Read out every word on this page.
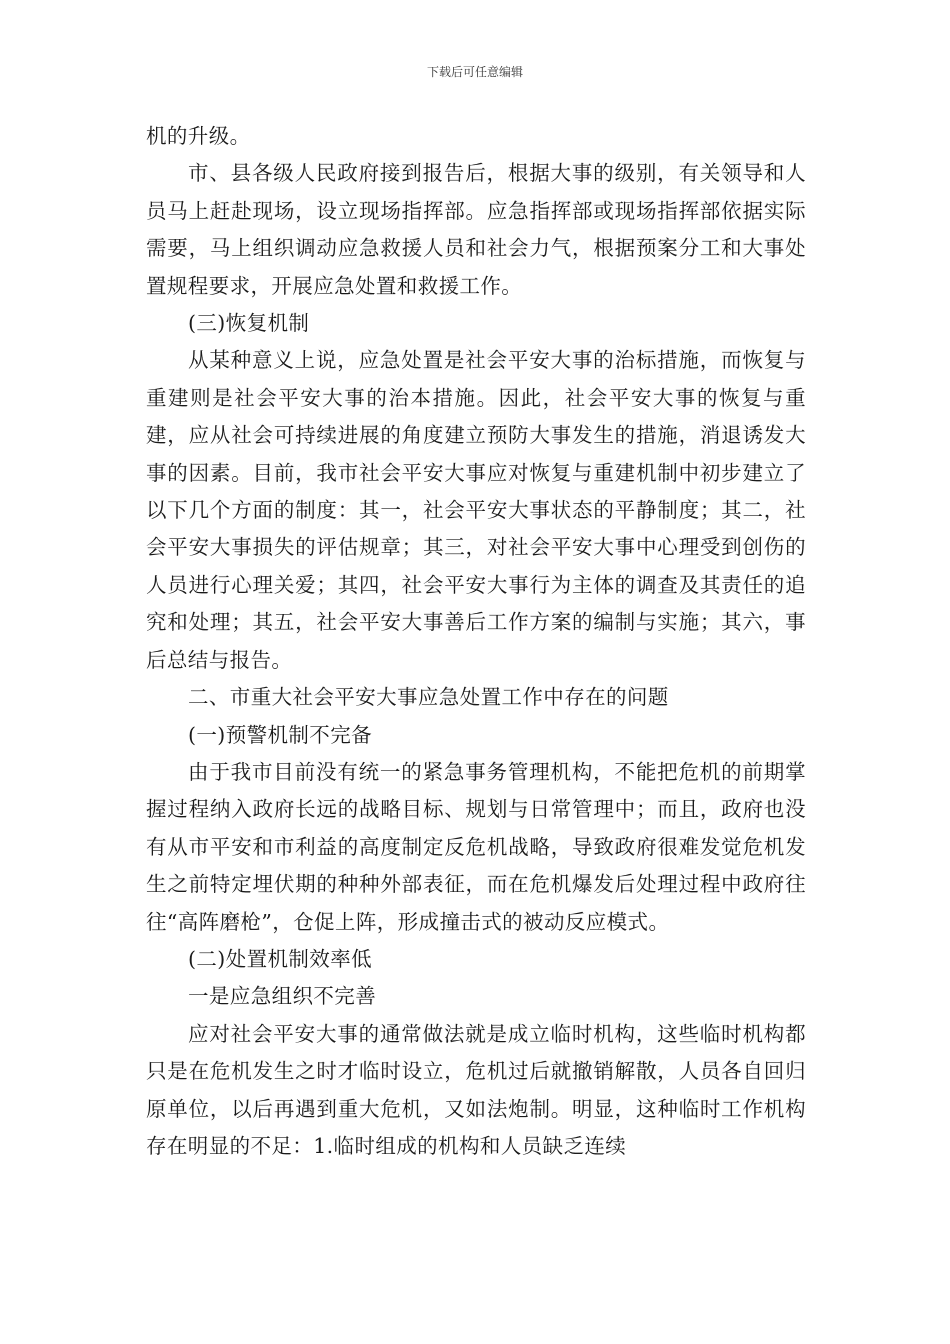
下载后可任意编辑

机的升级。

市、县各级人民政府接到报告后，根据大事的级别，有关领导和人员马上赶赴现场，设立现场指挥部。应急指挥部或现场指挥部依据实际需要，马上组织调动应急救援人员和社会力气，根据预案分工和大事处置规程要求，开展应急处置和救援工作。

(三)恢复机制

从某种意义上说，应急处置是社会平安大事的治标措施，而恢复与重建则是社会平安大事的治本措施。因此，社会平安大事的恢复与重建，应从社会可持续进展的角度建立预防大事发生的措施，消退诱发大事的因素。目前，我市社会平安大事应对恢复与重建机制中初步建立了以下几个方面的制度：其一，社会平安大事状态的平静制度；其二，社会平安大事损失的评估规章；其三，对社会平安大事中心理受到创伤的人员进行心理关爱；其四，社会平安大事行为主体的调查及其责任的追究和处理；其五，社会平安大事善后工作方案的编制与实施；其六，事后总结与报告。

二、市重大社会平安大事应急处置工作中存在的问题

(一)预警机制不完备

由于我市目前没有统一的紧急事务管理机构，不能把危机的前期掌握过程纳入政府长远的战略目标、规划与日常管理中；而且，政府也没有从市平安和市利益的高度制定反危机战略，导致政府很难发觉危机发生之前特定埋伏期的种种外部表征，而在危机爆发后处理过程中政府往往“高阵磨枪”，仓促上阵，形成撞击式的被动反应模式。

(二)处置机制效率低

一是应急组织不完善

应对社会平安大事的通常做法就是成立临时机构，这些临时机构都只是在危机发生之时才临时设立，危机过后就撤销解散，人员各自回归原单位，以后再遇到重大危机，又如法炮制。明显，这种临时工作机构存在明显的不足：1.临时组成的机构和人员缺乏连续
